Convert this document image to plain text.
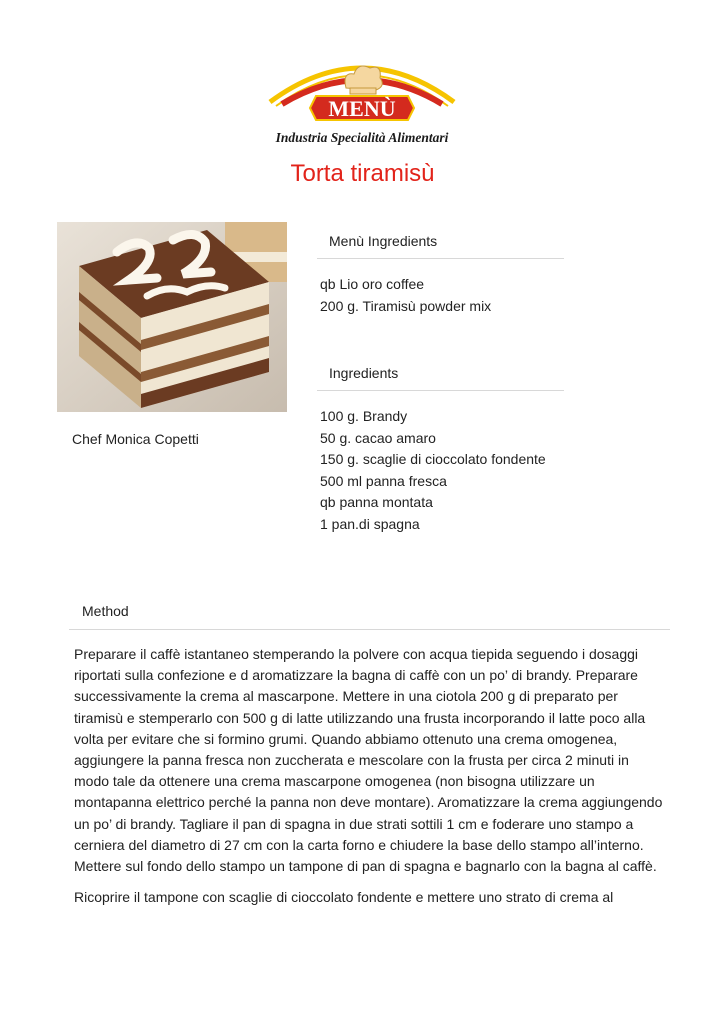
MENÙ
Industria Specialità Alimentari
Torta tiramisù
Chef Monica Copetti
Menù Ingredients
qb Lio oro coffee
200 g. Tiramisù powder mix
Ingredients
100 g. Brandy
50 g. cacao amaro
150 g. scaglie di cioccolato fondente
500 ml panna fresca
qb panna montata
1 pan.di spagna
Method

Preparare il caffè istantaneo stemperando la polvere con acqua tiepida seguendo i dosaggi riportati sulla confezione e d aromatizzare la bagna di caffè con un po’ di brandy. Preparare successivamente la crema al mascarpone. Mettere in una ciotola 200 g di preparato per tiramisù e stemperarlo con 500 g di latte utilizzando una frusta incorporando il latte poco alla volta per evitare che si formino grumi. Quando abbiamo ottenuto una crema omogenea, aggiungere la panna fresca non zuccherata e mescolare con la frusta per circa 2 minuti in modo tale da ottenere una crema mascarpone omogenea (non bisogna utilizzare un montapanna elettrico perché la panna non deve montare). Aromatizzare la crema aggiungendo un po’ di brandy. Tagliare il pan di spagna in due strati sottili 1 cm e foderare uno stampo a cerniera del diametro di 27 cm con la carta forno e chiudere la base dello stampo all’interno. Mettere sul fondo dello stampo un tampone di pan di spagna e bagnarlo con la bagna al caffè.

Ricoprire il tampone con scaglie di cioccolato fondente e mettere uno strato di crema al
